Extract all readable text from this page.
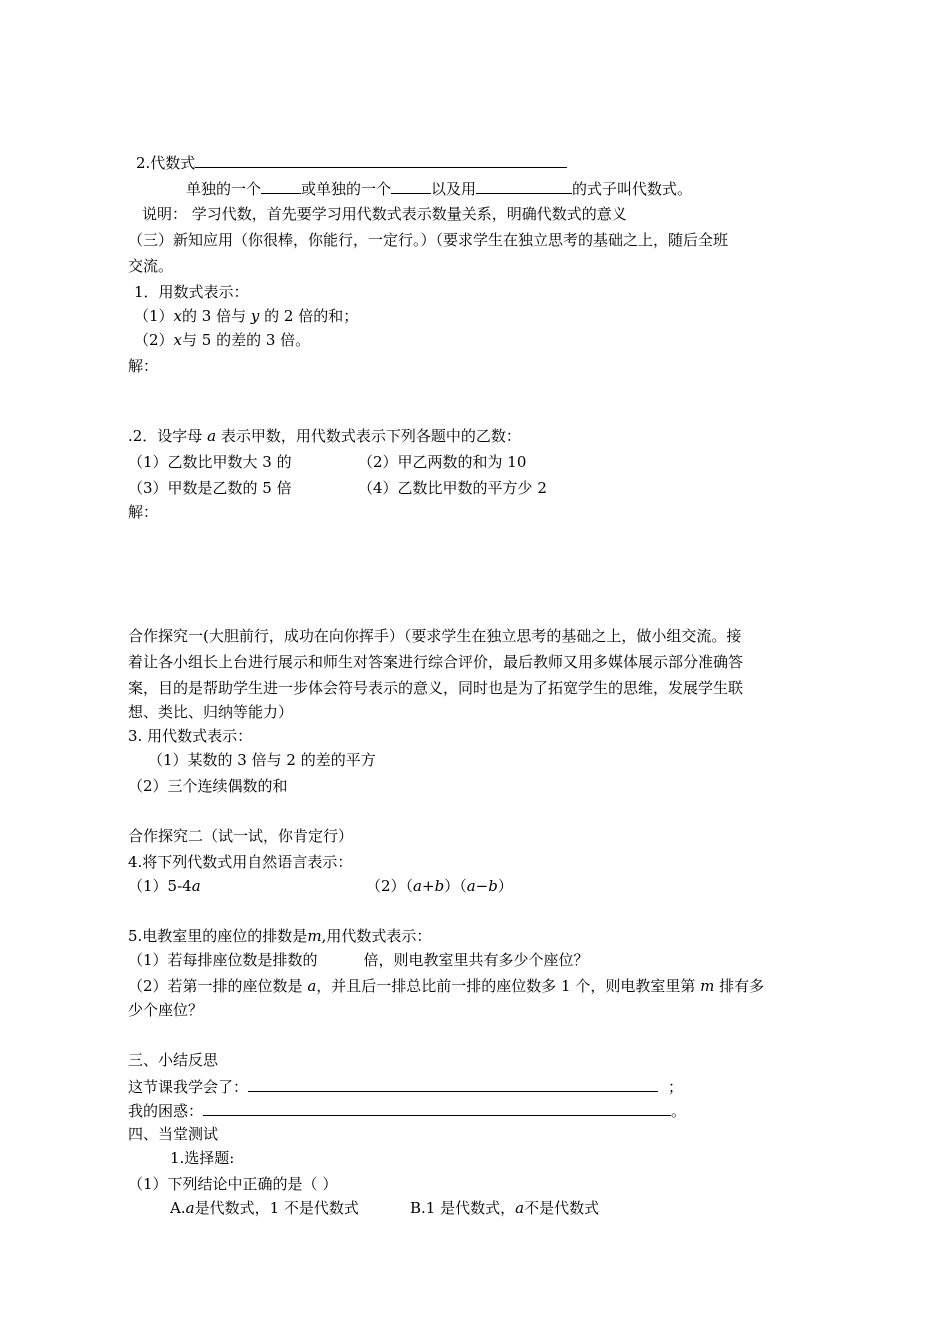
2.代数式
单独的一个	或单独的一个	以及用	的式子叫代数式。
说明： 学习代数，首先要学习用代数式表示数量关系，明确代数式的意义
（三）新知应用（你很棒，你能行，一定行。）（要求学生在独立思考的基础之上，随后全班
交流。
1．用数式表示：
（1）x的 3 倍与 y 的 2 倍的和；
（2）x与 5 的差的 3 倍。
解：
.2．设字母 a 表示甲数，用代数式表示下列各题中的乙数：
（1）乙数比甲数大 3 的	（2）甲乙两数的和为 10
（3）甲数是乙数的 5 倍	（4）乙数比甲数的平方少 2
解：
合作探究一(大胆前行，成功在向你挥手）（要求学生在独立思考的基础之上，做小组交流。接
着让各小组长上台进行展示和师生对答案进行综合评价，最后教师又用多媒体展示部分准确答
案，目的是帮助学生进一步体会符号表示的意义，同时也是为了拓宽学生的思维，发展学生联
想、类比、归纳等能力）
3. 用代数式表示：
（1）某数的 3 倍与 2 的差的平方
（2）三个连续偶数的和
合作探究二（试一试，你肯定行）
4.将下列代数式用自然语言表示：
（1）5-4a	（2）（a+b）（a−b）
5.电教室里的座位的排数是m,用代数式表示：
（1）若每排座位数是排数的	倍，则电教室里共有多少个座位？
（2）若第一排的座位数是 a，并且后一排总比前一排的座位数多 1 个，则电教室里第 m 排有多
少个座位？
三、小结反思
这节课我学会了：	；
我的困惑：	。
四、当堂测试
1.选择题:
（1）下列结论中正确的是（ ）
A.a是代数式，1 不是代数式	B.1 是代数式，a不是代数式
